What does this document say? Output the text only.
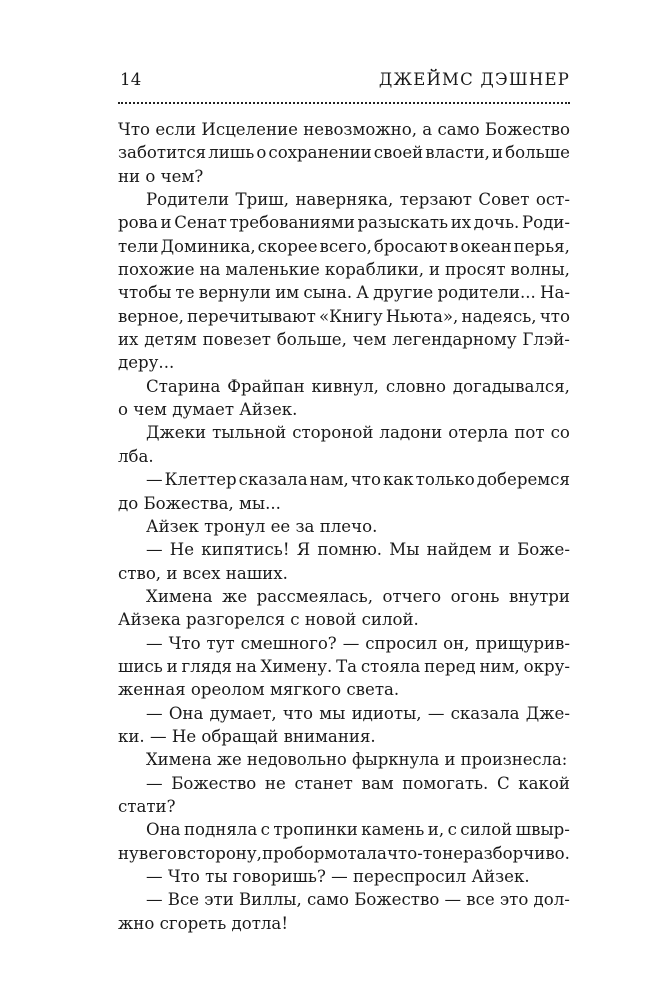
14	ДЖЕЙМС ДЭШНЕР
Что если Исцеление невозможно, а само Божество
заботится лишь о сохранении своей власти, и больше
ни о чем?
Родители Триш, наверняка, терзают Совет ост-
рова и Сенат требованиями разыскать их дочь. Роди-
тели Доминика, скорее всего, бросают в океан перья,
похожие на маленькие кораблики, и просят волны,
чтобы те вернули им сына. А другие родители... На-
верное, перечитывают «Книгу Ньюта», надеясь, что
их детям повезет больше, чем легендарному Глэй-
деру...
Старина Фрайпан кивнул, словно догадывался,
о чем думает Айзек.
Джеки тыльной стороной ладони отерла пот со
лба.
— Клеттер сказала нам, что как только доберемся
до Божества, мы...
Айзек тронул ее за плечо.
— Не кипятись! Я помню. Мы найдем и Боже-
ство, и всех наших.
Химена же рассмеялась, отчего огонь внутри
Айзека разгорелся с новой силой.
— Что тут смешного? — спросил он, прищурив-
шись и глядя на Химену. Та стояла перед ним, окру-
женная ореолом мягкого света.
— Она думает, что мы идиоты, — сказала Дже-
ки. — Не обращай внимания.
Химена же недовольно фыркнула и произнесла:
— Божество не станет вам помогать. С какой
стати?
Она подняла с тропинки камень и, с силой швыр-
нув его в сторону, пробормотала что-то неразборчиво.
— Что ты говоришь? — переспросил Айзек.
— Все эти Виллы, само Божество — все это дол-
жно сгореть дотла!
